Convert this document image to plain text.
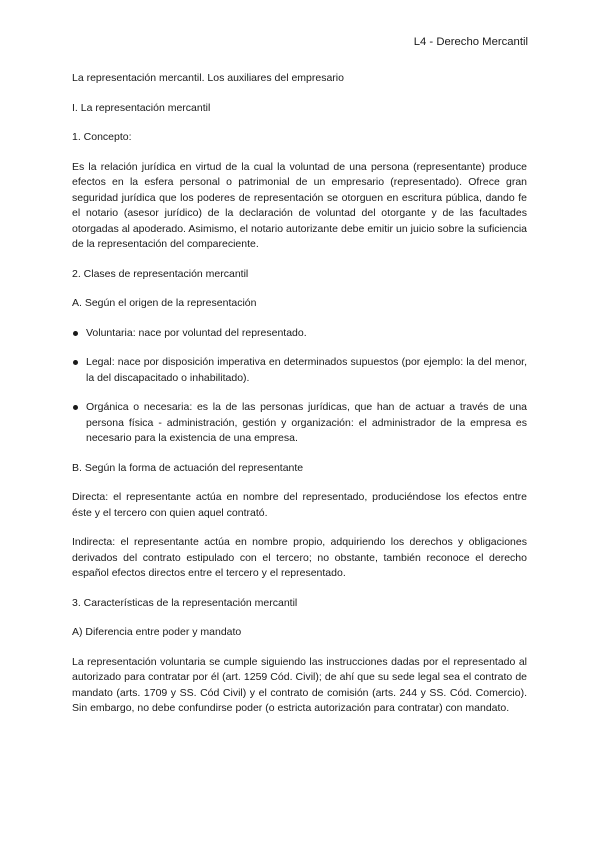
L4 - Derecho Mercantil

La representación mercantil. Los auxiliares del empresario

I. La representación mercantil

1. Concepto:

Es la relación jurídica en virtud de la cual la voluntad de una persona (representante) produce efectos en la esfera personal o patrimonial de un empresario (representado). Ofrece gran seguridad jurídica que los poderes de representación se otorguen en escritura pública, dando fe el notario (asesor jurídico) de la declaración de voluntad del otorgante y de las facultades otorgadas al apoderado. Asimismo, el notario autorizante debe emitir un juicio sobre la suficiencia de la representación del compareciente.

2. Clases de representación mercantil

A. Según el origen de la representación

Voluntaria: nace por voluntad del representado.
Legal: nace por disposición imperativa en determinados supuestos (por ejemplo: la del menor, la del discapacitado o inhabilitado).
Orgánica o necesaria: es la de las personas jurídicas, que han de actuar a través de una persona física - administración, gestión y organización: el administrador de la empresa es necesario para la existencia de una empresa.

B. Según la forma de actuación del representante

Directa: el representante actúa en nombre del representado, produciéndose los efectos entre éste y el tercero con quien aquel contrató.

Indirecta: el representante actúa en nombre propio, adquiriendo los derechos y obligaciones derivados del contrato estipulado con el tercero; no obstante, también reconoce el derecho español efectos directos entre el tercero y el representado.

3. Características de la representación mercantil

A) Diferencia entre poder y mandato

La representación voluntaria se cumple siguiendo las instrucciones dadas por el representado al autorizado para contratar por él (art. 1259 Cód. Civil); de ahí que su sede legal sea el contrato de mandato (arts. 1709 y SS. Cód Civil) y el contrato de comisión (arts. 244 y SS. Cód. Comercio). Sin embargo, no debe confundirse poder (o estricta autorización para contratar) con mandato.
